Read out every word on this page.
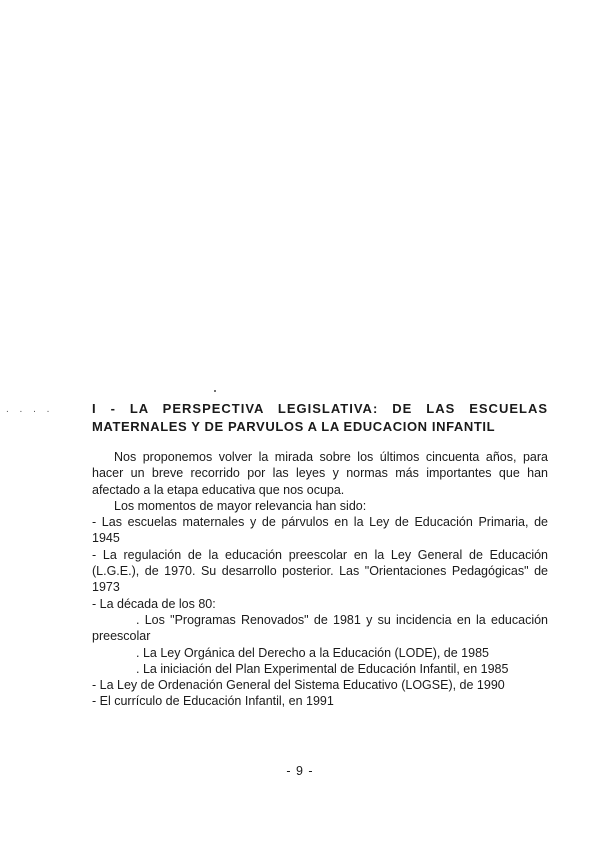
. . . .	I - LA PERSPECTIVA LEGISLATIVA: DE LAS ESCUELAS
MATERNALES Y DE PARVULOS A LA EDUCACION INFANTIL

Nos proponemos volver la mirada sobre los últimos cincuenta años, para hacer un breve recorrido por las leyes y normas más importantes que han afectado a la etapa educativa que nos ocupa.

Los momentos de mayor relevancia han sido:

- Las escuelas maternales y de párvulos en la Ley de Educación Primaria, de 1945

- La regulación de la educación preescolar en la Ley General de Educación (L.G.E.), de 1970. Su desarrollo posterior. Las "Orientaciones Pedagógicas" de 1973

- La década de los 80:

. Los "Programas Renovados" de 1981 y su incidencia en la educación preescolar

. La Ley Orgánica del Derecho a la Educación (LODE), de 1985

. La iniciación del Plan Experimental de Educación Infantil, en 1985

- La Ley de Ordenación General del Sistema Educativo (LOGSE), de 1990

- El currículo de Educación Infantil, en 1991

- 9 -
